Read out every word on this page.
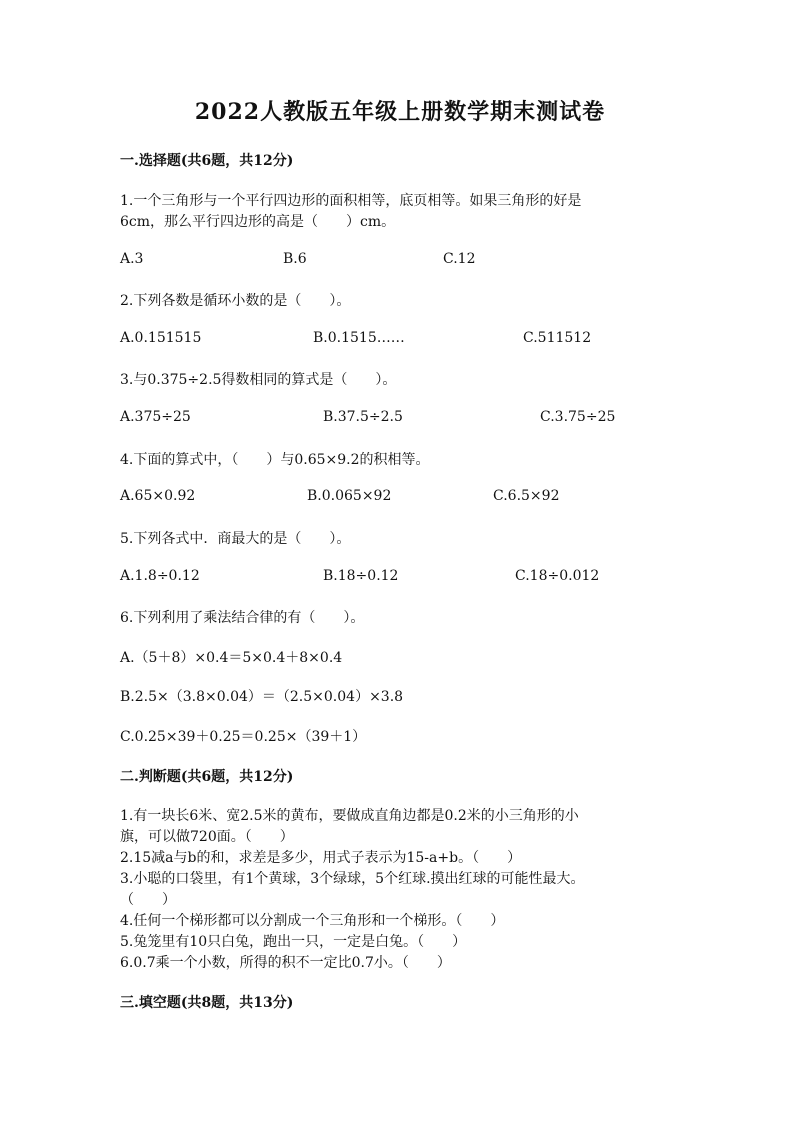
2022人教版五年级上册数学期末测试卷
一.选择题(共6题，共12分)
1.一个三角形与一个平行四边形的面积相等，底页相等。如果三角形的好是
6cm，那么平行四边形的高是（　　）cm。
A.3	B.6	C.12
2.下列各数是循环小数的是（　　）。
A.0.151515	B.0.1515……	C.511512
3.与0.375÷2.5得数相同的算式是（　　）。
A.375÷25	B.37.5÷2.5	C.3.75÷25
4.下面的算式中，（　　）与0.65×9.2的积相等。
A.65×0.92	B.0.065×92	C.6.5×92
5.下列各式中．商最大的是（　　）。
A.1.8÷0.12	B.18÷0.12	C.18÷0.012
6.下列利用了乘法结合律的有（　　）。
A.（5＋8）×0.4＝5×0.4＋8×0.4
B.2.5×（3.8×0.04）＝（2.5×0.04）×3.8
C.0.25×39＋0.25＝0.25×（39＋1）
二.判断题(共6题，共12分)
1.有一块长6米、宽2.5米的黄布，要做成直角边都是0.2米的小三角形的小
旗，可以做720面。（　　）
2.15减a与b的和，求差是多少，用式子表示为15-a+b。（　　）
3.小聪的口袋里，有1个黄球，3个绿球，5个红球.摸出红球的可能性最大。
（　　）
4.任何一个梯形都可以分割成一个三角形和一个梯形。（　　）
5.兔笼里有10只白兔，跑出一只，一定是白兔。（　　）
6.0.7乘一个小数，所得的积不一定比0.7小。（　　）
三.填空题(共8题，共13分)
